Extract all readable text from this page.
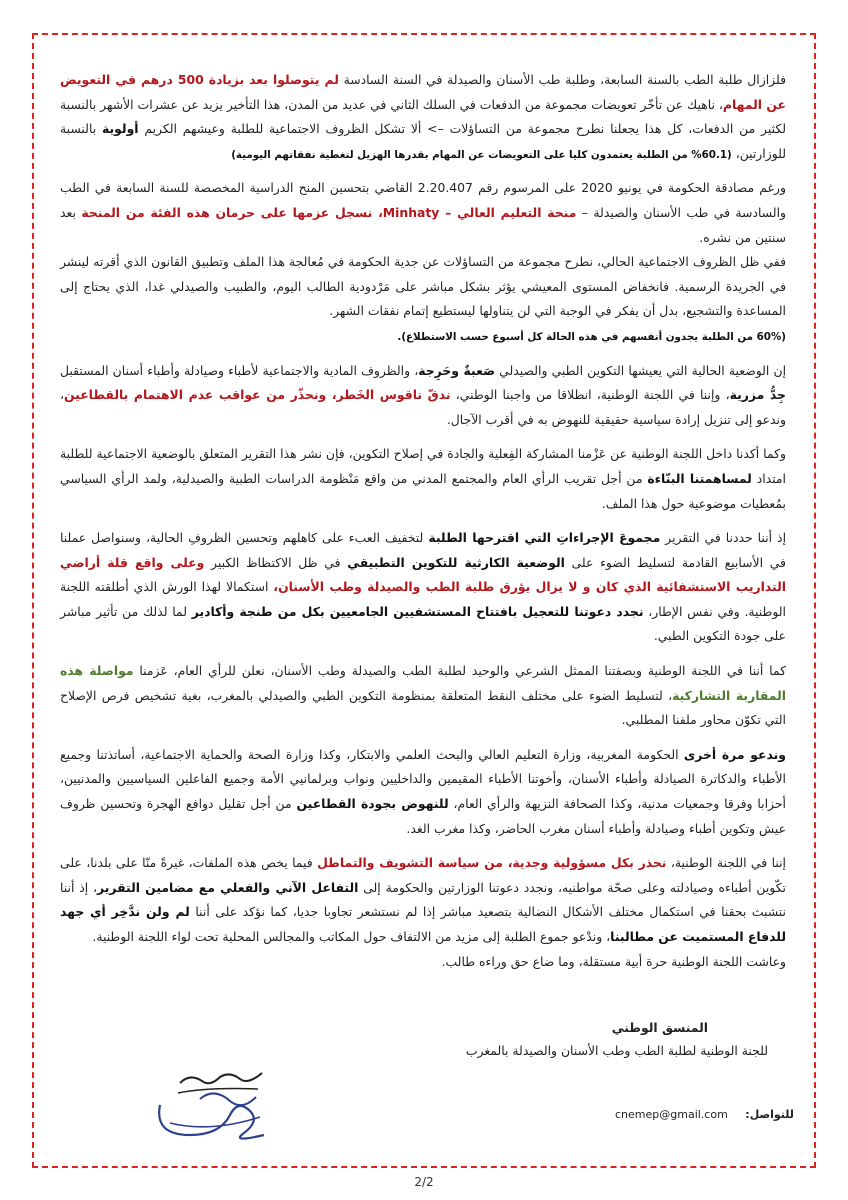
فلزازال طلبة الطب بالسنة السابعة، وطلبة طب الأسنان والصيدلة في السنة السادسة لم يتوصلوا بعد بزيادة 500 درهم في التعويض عن المهام، ناهيك عن تأخّر تعويضات مجموعة من الدفعات في السلك الثاني في عديد من المدن، هذا التأخير يزيد عن عشرات الأشهر بالنسبة لكثير من الدفعات، كل هذا يجعلنا نطرح مجموعة من التساؤلات –> ألا تشكل الظروف الاجتماعية للطلبة وعيشهم الكريم أولوية بالنسبة للوزارتين، (60.1% من الطلبة يعتمدون كليا على التعويضات عن المهام بقدرها الهزيل لتغطية نفقاتهم اليومية)

ورغم مصادقة الحكومة في يونيو 2020 على المرسوم رقم 2.20.407 القاضي بتحسين المنح الدراسية المخصصة للسنة السابعة في الطب والسادسة في طب الأسنان والصيدلة – منحة التعليم العالي – Minhaty، نسجل عزمها على حرمان هذه الفئة من المنحة بعد سنتين من نشره.

ففي ظل الظروف الاجتماعية الحالي، نطرح مجموعة من التساؤلات عن جدية الحكومة في مُعالجة هذا الملف وتطبيق القانون الذي أقرته لينشر في الجريدة الرسمية. فانخفاض المستوى المعيشي يؤثر بشكل مباشر على مَرْدودية الطالب اليوم، والطبيب والصيدلي غدا، الذي يحتاج إلى المساعدة والتشجيع، بدل أن يفكر في الوجبة التي لن يتناولها ليستطيع إتمام نفقات الشهر.

(60% من الطلبة يجدون أنفسهم في هذه الحالة كل أسبوع حسب الاستطلاع).

إن الوضعية الحالية التي يعيشها التكوين الطبي والصيدلي صَعبةٌ وحَرِجة، والظروف المادية والاجتماعية لأطباء وصيادلة وأطباء أسنان المستقبل جِدُّ مزرية، وإننا في اللجنة الوطنية، انطلاقا من واجبنا الوطني، ندقّ ناقوس الخَطر، ونحذّر من عواقب عدم الاهتمام بالقطاعين، وندعو إلى تنزيل إرادة سياسية حقيقية للنهوض به في أقرب الآجال.

وكما أكدنا داخل اللجنة الوطنية عن عَزْمنا المشاركة الفِعلية والجادة في إصلاح التكوين، فإن نشر هذا التقرير المتعلق بالوضعية الاجتماعية للطلبة امتداد لمساهمتنا البنّاءة من أجل تقريب الرأي العام والمجتمع المدني من واقع مَنْظومة الدراسات الطبية والصيدلية، ولمد الرأي السياسي بمُعطيات موضوعية حول هذا الملف.

إذ أننا حددنا في التقرير مجموعَ الإجراءاتِ التي اقترحها الطلبة لتخفيف العبء على كاهلهم وتحسين الظروفِ الحالية، وسنواصل عملنا في الأسابيع القادمة لتسليط الضوء على الوضعية الكارثية للتكوين التطبيقي في ظل الاكتظاظ الكبير وعلى واقع قلة أراضي التداريب الاستشفائية الذي كان و لا يزال يؤرق طلبة الطب والصيدلة وطب الأسنان، استكمالا لهذا الورش الذي أطلقته اللجنة الوطنية. وفي نفس الإطار، نجدد دعوتنا للتعجيل بافتتاح المستشفيين الجامعيين بكل من طنجة وأكادير لما لذلك من تأثير مباشر على جودة التكوين الطبي.

كما أننا في اللجنة الوطنية وبصفتنا الممثل الشرعي والوحيد لطلبة الطب والصيدلة وطب الأسنان، نعلن للرأي العام، عَزمنا مواصلة هذه المقاربة التشاركية، لتسليط الضوء على مختلف النقط المتعلقة بمنظومة التكوين الطبي والصيدلي بالمغرب، بغية تشخيص فرص الإصلاح التي تكوّن محاور ملفنا المطلبي.

وندعو مرة أخرى الحكومة المغربية، وزارة التعليم العالي والبحث العلمي والابتكار، وكذا وزارة الصحة والحماية الاجتماعية، أساتذتنا وجميع الأطباء والدكاترة الصيادلة وأطباء الأسنان، وأخوتنا الأطباء المقيمين والداخليين ونواب وبرلمانيي الأمة وجميع الفاعلين السياسيين والمدنيين، أحزابا وفرقا وجمعيات مدنية، وكذا الصحافة النزيهة والرأي العام، للنهوض بجودة القطاعين من أجل تقليل دوافع الهجرة وتحسين ظروف عيش وتكوين أطباء وصيادلة وأطباء أسنان مغرب الحاضر، وكذا مغرب الغد.

إننا في اللجنة الوطنية، نحذر بكل مسؤولية وجدية، من سياسة التشويف والتماطل فيما يخص هذه الملفات، غيرةً منّا على بلدنا، على تكّوين أطباءه وصيادلته وعلى صحّة مواطنيه، ونجدد دعوتنا الوزارتين والحكومة إلى التفاعل الآني والفعلي مع مضامين التقرير، إذ أننا نتشبث بحقنا في استكمال مختلف الأشكال النضالية بتصعيد مباشر إذا لم نستشعر تجاوبا جديا، كما نؤكد على أننا لم ولن ندَّخِر أي جهد للدفاع المستميت عن مطالبنا، وندْعو جموع الطلبة إلى مزيد من الالتفاف حول المكاتب والمجالس المحلية تحت لواء اللجنة الوطنية.

وعاشت اللجنة الوطنية حرة أبية مستقلة، وما ضاع حق وراءه طالب.

المنسق الوطني
للجنة الوطنية لطلبة الطب وطب الأسنان والصيدلة بالمغرب
للتواصل: cnemep@gmail.com
2/2
